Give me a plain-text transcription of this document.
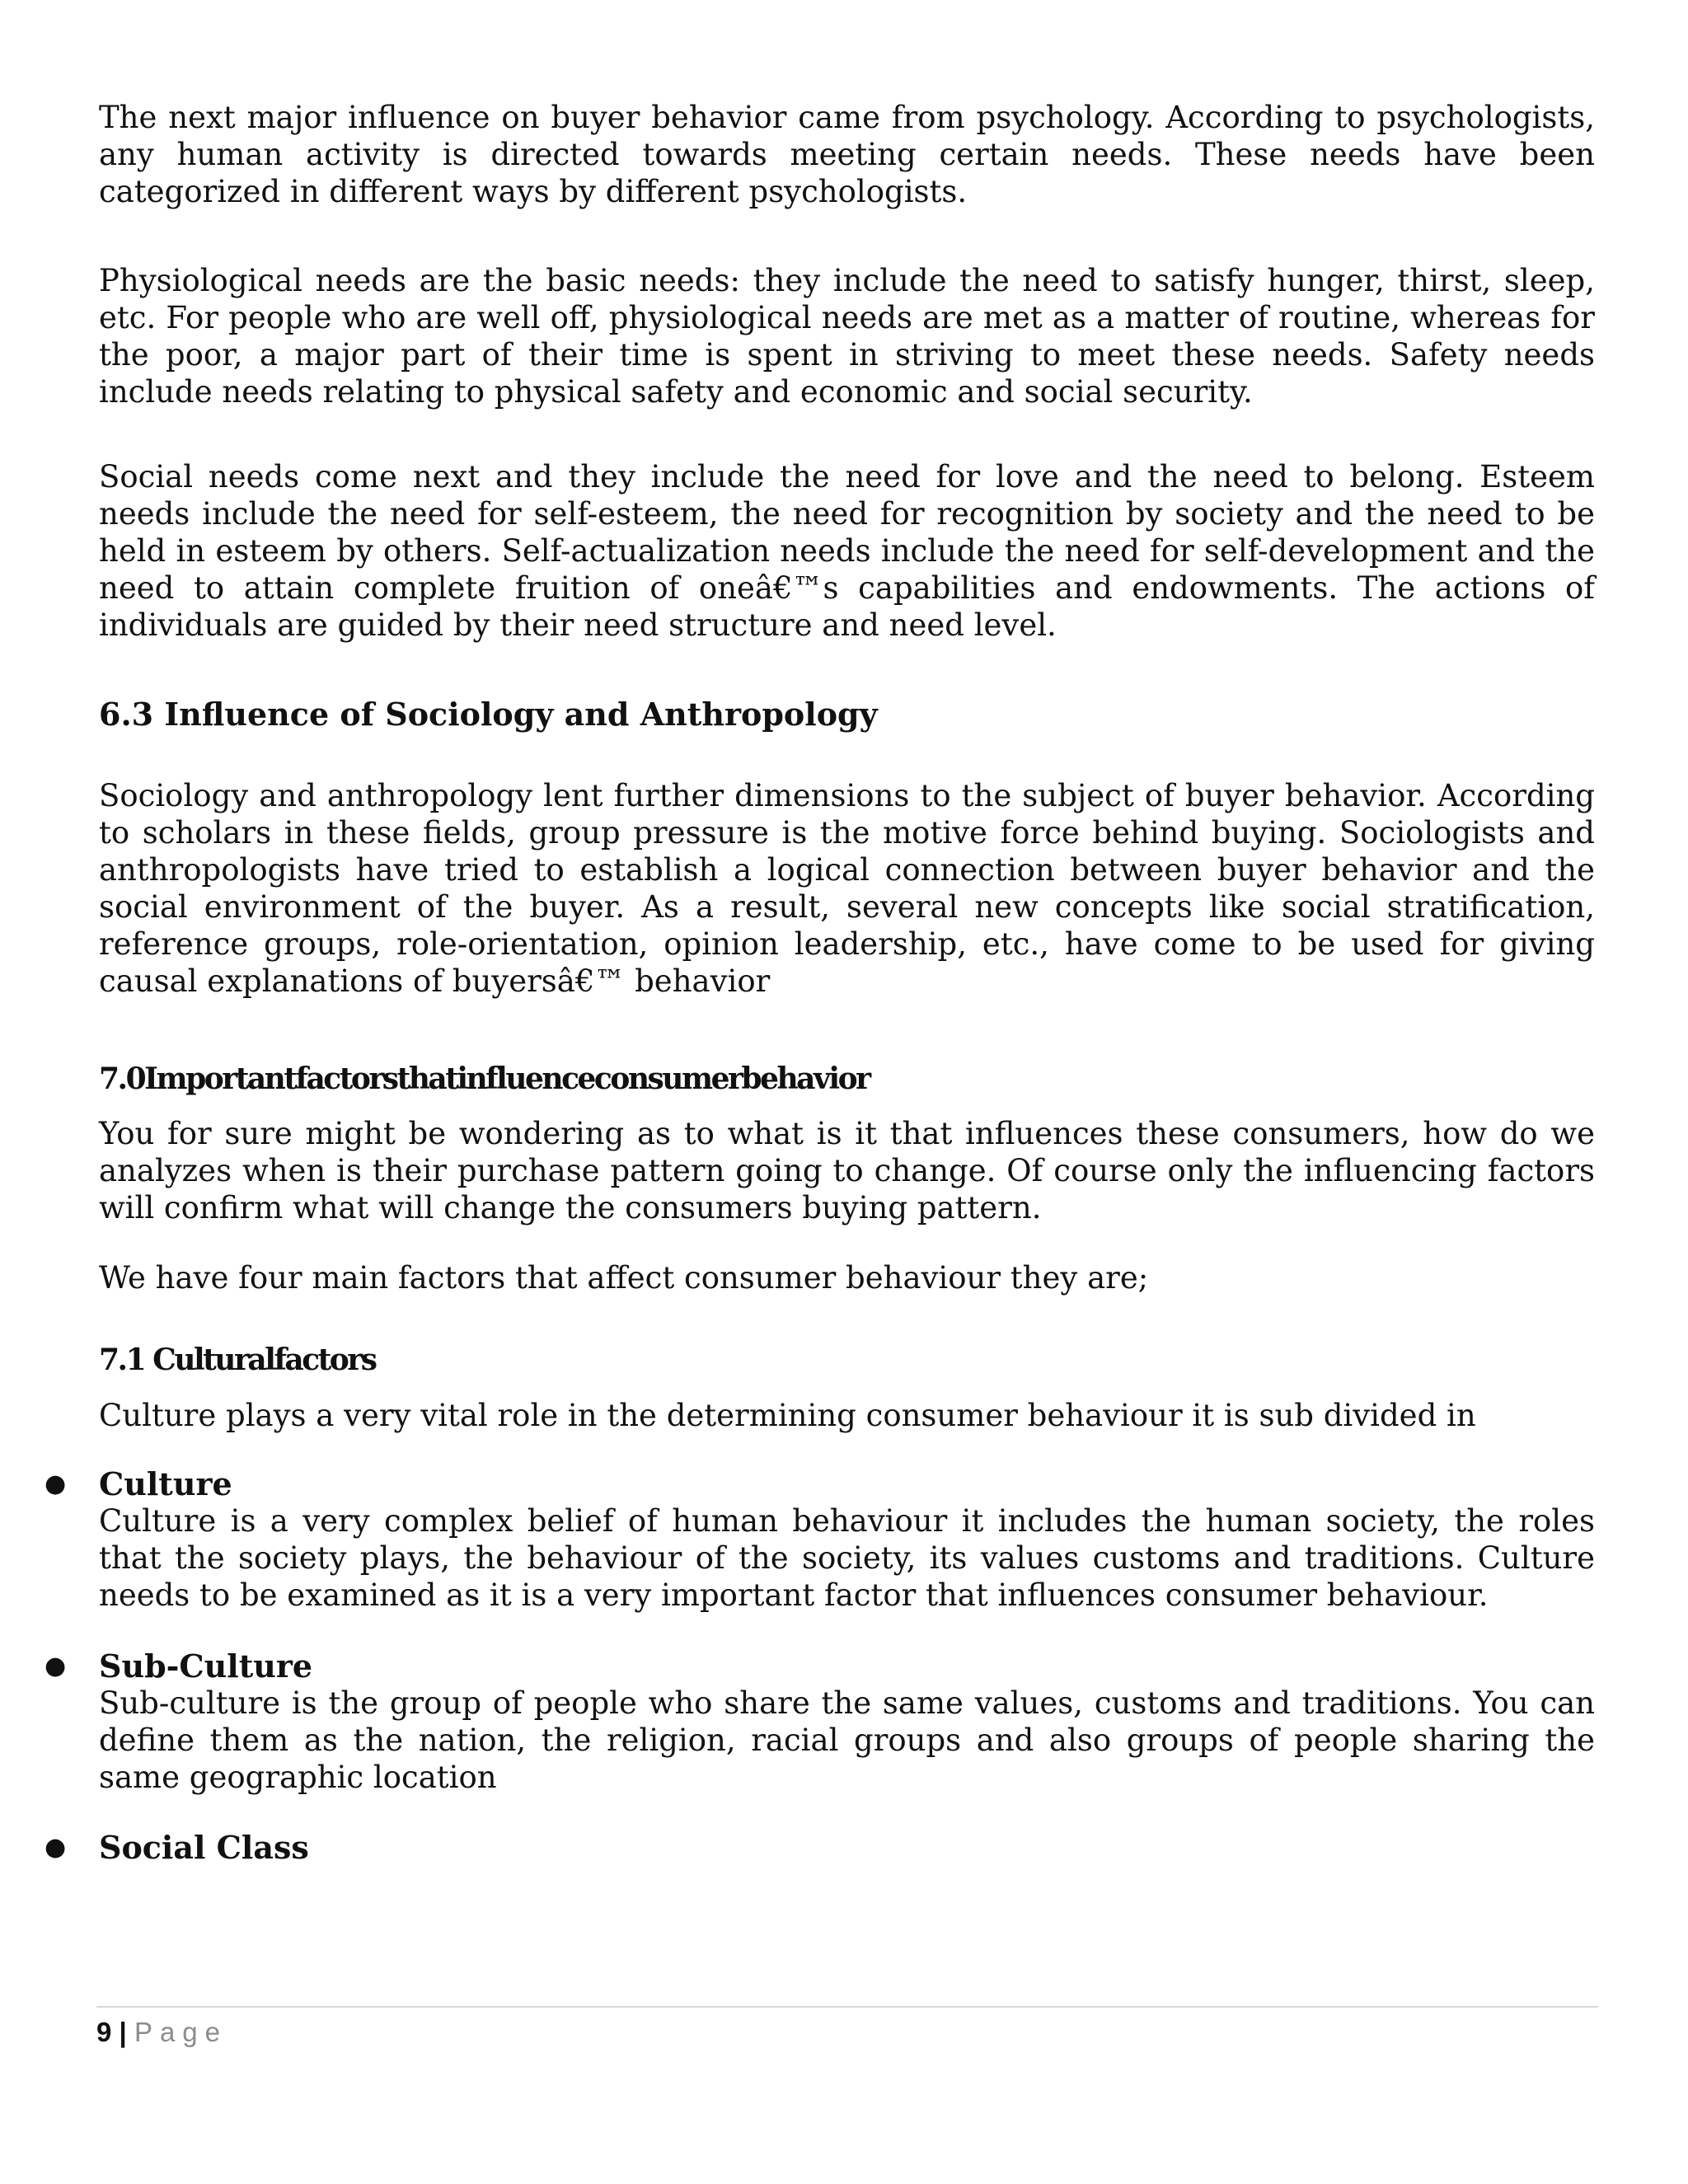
The next major influence on buyer behavior came from psychology. According to psychologists, any human activity is directed towards meeting certain needs. These needs have been categorized in different ways by different psychologists.

Physiological needs are the basic needs: they include the need to satisfy hunger, thirst, sleep, etc. For people who are well off, physiological needs are met as a matter of routine, whereas for the poor, a major part of their time is spent in striving to meet these needs. Safety needs include needs relating to physical safety and economic and social security.

Social needs come next and they include the need for love and the need to belong. Esteem needs include the need for self-esteem, the need for recognition by society and the need to be held in esteem by others. Self-actualization needs include the need for self-development and the need to attain complete fruition of oneâ€™s capabilities and endowments. The actions of individuals are guided by their need structure and need level.

6.3 Influence of Sociology and Anthropology

Sociology and anthropology lent further dimensions to the subject of buyer behavior. According to scholars in these fields, group pressure is the motive force behind buying. Sociologists and anthropologists have tried to establish a logical connection between buyer behavior and the social environment of the buyer. As a result, several new concepts like social stratification, reference groups, role-orientation, opinion leadership, etc., have come to be used for giving causal explanations of buyersâ€™ behavior

7.0Importantfactorsthatinfluenceconsumerbehavior

You for sure might be wondering as to what is it that influences these consumers, how do we analyzes when is their purchase pattern going to change. Of course only the influencing factors will confirm what will change the consumers buying pattern.

We have four main factors that affect consumer behaviour they are;

7.1 Culturalfactors

Culture plays a very vital role in the determining consumer behaviour it is sub divided in

● Culture

Culture is a very complex belief of human behaviour it includes the human society, the roles that the society plays, the behaviour of the society, its values customs and traditions. Culture needs to be examined as it is a very important factor that influences consumer behaviour.

● Sub-Culture

Sub-culture is the group of people who share the same values, customs and traditions. You can define them as the nation, the religion, racial groups and also groups of people sharing the same geographic location

● Social Class

9 | Page
